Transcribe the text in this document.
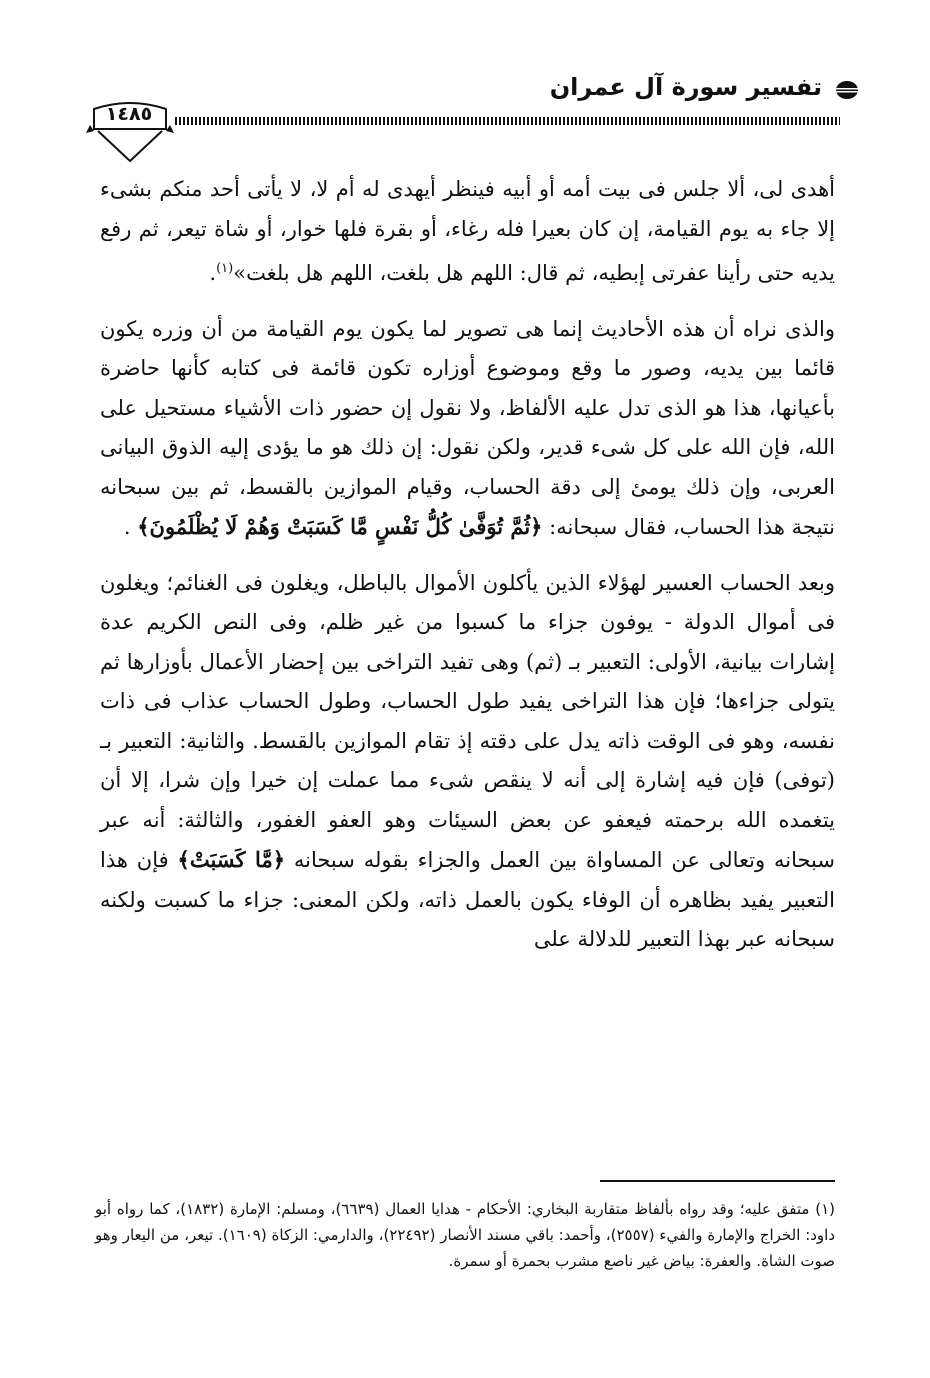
تفسير سورة آل عمران
١٤٨٥

أهدى لى، ألا جلس فى بيت أمه أو أبيه فينظر أيهدى له أم لا، لا يأتى أحد منكم بشىء إلا جاء به يوم القيامة، إن كان بعيرا فله رغاء، أو بقرة فلها خوار، أو شاة تيعر، ثم رفع يديه حتى رأينا عفرتى إبطيه، ثم قال: اللهم هل بلغت، اللهم هل بلغت»$^{(١)}$.

والذى نراه أن هذه الأحاديث إنما هى تصوير لما يكون يوم القيامة من أن وزره يكون قائما بين يديه، وصور ما وقع وموضوع أوزاره تكون قائمة فى كتابه كأنها حاضرة بأعيانها، هذا هو الذى تدل عليه الألفاظ، ولا نقول إن حضور ذات الأشياء مستحيل على الله، فإن الله على كل شىء قدير، ولكن نقول: إن ذلك هو ما يؤدى إليه الذوق البيانى العربى، وإن ذلك يومئ إلى دقة الحساب، وقيام الموازين بالقسط، ثم بين سبحانه نتيجة هذا الحساب، فقال سبحانه: ﴿ثُمَّ تُوَفَّىٰ كُلُّ نَفْسٍ مَّا كَسَبَتْ وَهُمْ لَا يُظْلَمُونَ﴾ .

وبعد الحساب العسير لهؤلاء الذين يأكلون الأموال بالباطل، ويغلون فى الغنائم؛ ويغلون فى أموال الدولة - يوفون جزاء ما كسبوا من غير ظلم، وفى النص الكريم عدة إشارات بيانية، الأولى: التعبير بـ (ثم) وهى تفيد التراخى بين إحضار الأعمال بأوزارها ثم يتولى جزاءها؛ فإن هذا التراخى يفيد طول الحساب، وطول الحساب عذاب فى ذات نفسه، وهو فى الوقت ذاته يدل على دقته إذ تقام الموازين بالقسط. والثانية: التعبير بـ (توفى) فإن فيه إشارة إلى أنه لا ينقص شىء مما عملت إن خيرا وإن شرا، إلا أن يتغمده الله برحمته فيعفو عن بعض السيئات وهو العفو الغفور، والثالثة: أنه عبر سبحانه وتعالى عن المساواة بين العمل والجزاء بقوله سبحانه ﴿مَّا كَسَبَتْ﴾ فإن هذا التعبير يفيد بظاهره أن الوفاء يكون بالعمل ذاته، ولكن المعنى: جزاء ما كسبت ولكنه سبحانه عبر بهذا التعبير للدلالة على

(١) متفق عليه؛ وقد رواه بألفاظ متقاربة البخاري: الأحكام - هدايا العمال (٦٦٣٩)، ومسلم: الإمارة (١٨٣٢)، كما رواه أبو داود: الخراج والإمارة والفيء (٢٥٥٧)، وأحمد: باقي مسند الأنصار (٢٢٤٩٢)، والدارمي: الزكاة (١٦٠٩). تيعر، من اليعار وهو صوت الشاة. والعفرة: بياض غير ناصع مشرب بحمرة أو سمرة.
